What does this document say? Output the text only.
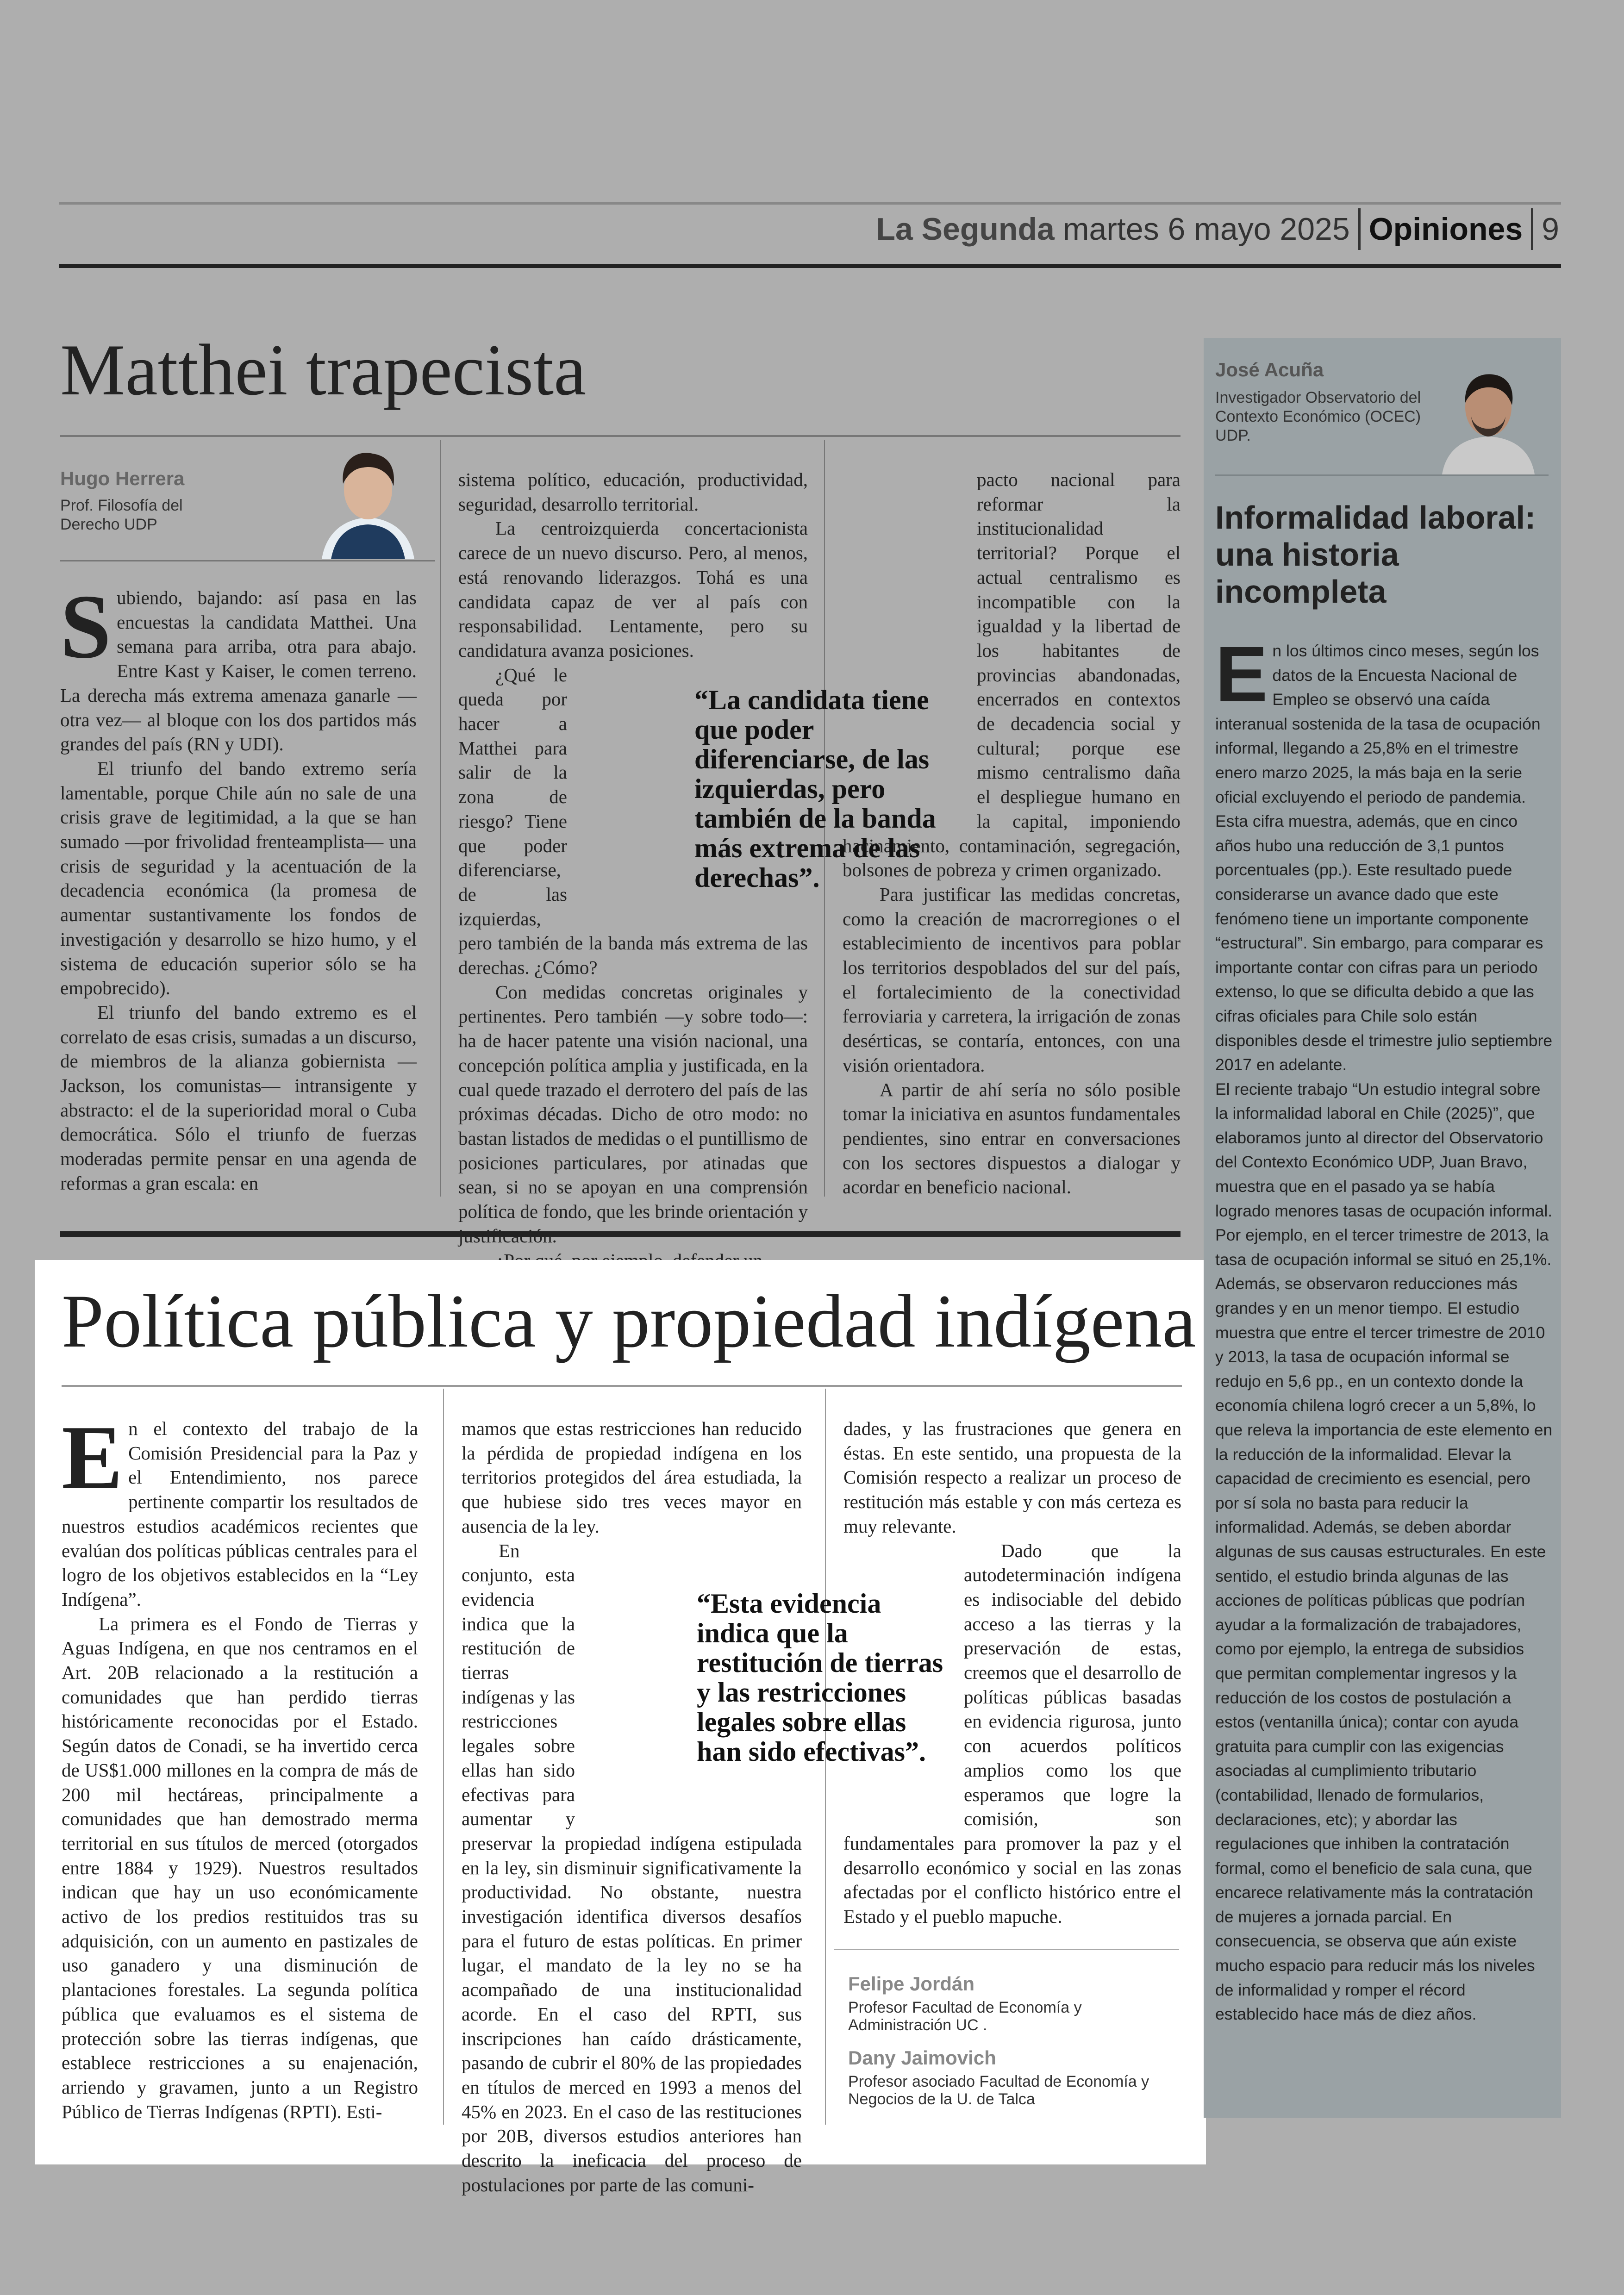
La Segunda martes 6 mayo 2025 Opiniones 9
Matthei trapecista
Hugo Herrera
Prof. Filosofía del Derecho UDP
S ubiendo, bajando: así pasa en las encuestas la candidata Matthei. Una semana para arriba, otra para abajo. Entre Kast y Kaiser, le comen terreno. La derecha más extrema amenaza ganarle —otra vez— al bloque con los dos partidos más grandes del país (RN y UDI).

El triunfo del bando extremo sería lamentable, porque Chile aún no sale de una crisis grave de legitimidad, a la que se han sumado —por frivolidad frenteamplista— una crisis de seguridad y la acentuación de la decadencia económica (la promesa de aumentar sustantivamente los fondos de investigación y desarrollo se hizo humo, y el sistema de educación superior sólo se ha empobrecido).

El triunfo del bando extremo es el correlato de esas crisis, sumadas a un discurso, de miembros de la alianza gobiernista —Jackson, los comunistas— intransigente y abstracto: el de la superioridad moral o Cuba democrática. Sólo el triunfo de fuerzas moderadas permite pensar en una agenda de reformas a gran escala: en

sistema político, educación, productividad, seguridad, desarrollo territorial.

La centroizquierda concertacionista carece de un nuevo discurso. Pero, al menos, está renovando liderazgos. Tohá es una candidata capaz de ver al país con responsabilidad. Lentamente, pero su candidatura avanza posiciones.

¿Qué le queda por hacer a Matthei para salir de la zona de riesgo? Tiene que poder diferenciarse, de las izquierdas, pero también de la banda más extrema de las derechas. ¿Cómo?

Con medidas concretas originales y pertinentes. Pero también —y sobre todo—: ha de hacer patente una visión nacional, una concepción política amplia y justificada, en la cual quede trazado el derrotero del país de las próximas décadas. Dicho de otro modo: no bastan listados de medidas o el puntillismo de posiciones particulares, por atinadas que sean, si no se apoyan en una comprensión política de fondo, que les brinde orientación y

pacto nacional para reformar la institucionalidad territorial? Porque el actual centralismo es incompatible con la igualdad y la libertad de los habitantes de provincias abandonadas, encerrados en contextos de decadencia social y cultural; porque ese mismo centralismo daña el despliegue humano en la capital, imponiendo hacinamiento, contaminación, segregación, bolsones de pobreza y crimen organizado.

Para justificar las medidas concretas, como la creación de macrorregiones o el establecimiento de incentivos para poblar los territorios despoblados del sur del país, el fortalecimiento de la conectividad ferroviaria y carretera, la irrigación de zonas desérticas, se contaría, entonces, con una visión orientadora.

A partir de ahí sería no sólo posible tomar la iniciativa en asuntos fundamentales pendientes, sino entrar en conversaciones con los sectores dispuestos a dialogar y acordar en beneficio nacional.

“La candidata tiene que poder diferenciarse, de las izquierdas, pero también de la banda más extrema de las derechas”.
Política pública y propiedad indígena
E n el contexto del trabajo de la Comisión Presidencial para la Paz y el Entendimiento, nos parece pertinente compartir los resultados de nuestros estudios académicos recientes que evalúan dos políticas públicas centrales para el logro de los objetivos establecidos en la “Ley Indígena”.

La primera es el Fondo de Tierras y Aguas Indígena, en que nos centramos en el Art. 20B relacionado a la restitución a comunidades que han perdido tierras históricamente reconocidas por el Estado. Según datos de Conadi, se ha invertido cerca de US$1.000 millones en la compra de más de 200 mil hectáreas, principalmente a comunidades que han demostrado merma territorial en sus títulos de merced (otorgados entre 1884 y 1929). Nuestros resultados indican que hay un uso económicamente activo de los predios restituidos tras su adquisición, con un aumento en pastizales de uso ganadero y una disminución de plantaciones forestales. La segunda política pública que evaluamos es el sistema de protección sobre las tierras indígenas, que establece restricciones a su enajenación, arriendo y gravamen, junto a un Registro Público de Tierras Indígenas (RPTI). Esti-

mamos que estas restricciones han reducido la pérdida de propiedad indígena en los territorios protegidos del área estudiada, la que hubiese sido tres veces mayor en ausencia de la ley.

En conjunto, esta evidencia indica que la restitución de tierras indígenas y las restricciones legales sobre ellas han sido efectivas para aumentar y preservar la propiedad indígena estipulada en la ley, sin disminuir significativamente la productividad. No obstante, nuestra investigación identifica diversos desafíos para el futuro de estas políticas. En primer lugar, el mandato de la ley no se ha acompañado de una institucionalidad acorde. En el caso del RPTI, sus inscripciones han caído drásticamente, pasando de cubrir el 80% de las propiedades en títulos de merced en 1993 a menos del 45% en 2023. En el caso de las restituciones por 20B, diversos estudios anteriores han descrito la ineficacia del proceso de postulaciones por parte de las comuni-

dades, y las frustraciones que genera en éstas. En este sentido, una propuesta de la Comisión respecto a realizar un proceso de restitución más estable y con más certeza es muy relevante.

Dado que la autodeterminación indígena es indisociable del debido acceso a las tierras y la preservación de estas, creemos que el desarrollo de políticas públicas basadas en evidencia rigurosa, junto con acuerdos políticos amplios como los que esperamos que logre la comisión, son fundamentales para promover la paz y el desarrollo económico y social en las zonas afectadas por el conflicto histórico entre el Estado y el pueblo mapuche.

“Esta evidencia indica que la restitución de tierras y las restricciones legales sobre ellas han sido efectivas”.
Felipe Jordán
Profesor Facultad de Economía y Administración UC .
Dany Jaimovich
Profesor asociado Facultad de Economía y Negocios de la U. de Talca
José Acuña
Investigador Observatorio del Contexto Económico (OCEC) UDP.
Informalidad laboral: una historia incompleta
E n los últimos cinco meses, según los datos de la Encuesta Nacional de Empleo se observó una caída interanual sostenida de la tasa de ocupación informal, llegando a 25,8% en el trimestre enero marzo 2025, la más baja en la serie oficial excluyendo el periodo de pandemia. Esta cifra muestra, además, que en cinco años hubo una reducción de 3,1 puntos porcentuales (pp.). Este resultado puede considerarse un avance dado que este fenómeno tiene un importante componente “estructural”. Sin embargo, para comparar es importante contar con cifras para un periodo extenso, lo que se dificulta debido a que las cifras oficiales para Chile solo están disponibles desde el trimestre julio septiembre 2017 en adelante.

El reciente trabajo “Un estudio integral sobre la informalidad laboral en Chile (2025)”, que elaboramos junto al director del Observatorio del Contexto Económico UDP, Juan Bravo, muestra que en el pasado ya se había logrado menores tasas de ocupación informal. Por ejemplo, en el tercer trimestre de 2013, la tasa de ocupación informal se situó en 25,1%. Además, se observaron reducciones más grandes y en un menor tiempo. El estudio muestra que entre el tercer trimestre de 2010 y 2013, la tasa de ocupación informal se redujo en 5,6 pp., en un contexto donde la economía chilena logró crecer a un 5,8%, lo que releva la importancia de este elemento en la reducción de la informalidad. Elevar la capacidad de crecimiento es esencial, pero por sí sola no basta para reducir la informalidad. Además, se deben abordar algunas de sus causas estructurales. En este sentido, el estudio brinda algunas de las acciones de políticas públicas que podrían ayudar a la formalización de trabajadores, como por ejemplo, la entrega de subsidios que permitan complementar ingresos y la reducción de los costos de postulación a estos (ventanilla única); contar con ayuda gratuita para cumplir con las exigencias asociadas al cumplimiento tributario (contabilidad, llenado de formularios, declaraciones, etc); y abordar las regulaciones que inhiben la contratación formal, como el beneficio de sala cuna, que encarece relativamente más la contratación de mujeres a jornada parcial. En consecuencia, se observa que aún existe mucho espacio para reducir más los niveles de informalidad y romper el récord establecido hace más de diez años.
